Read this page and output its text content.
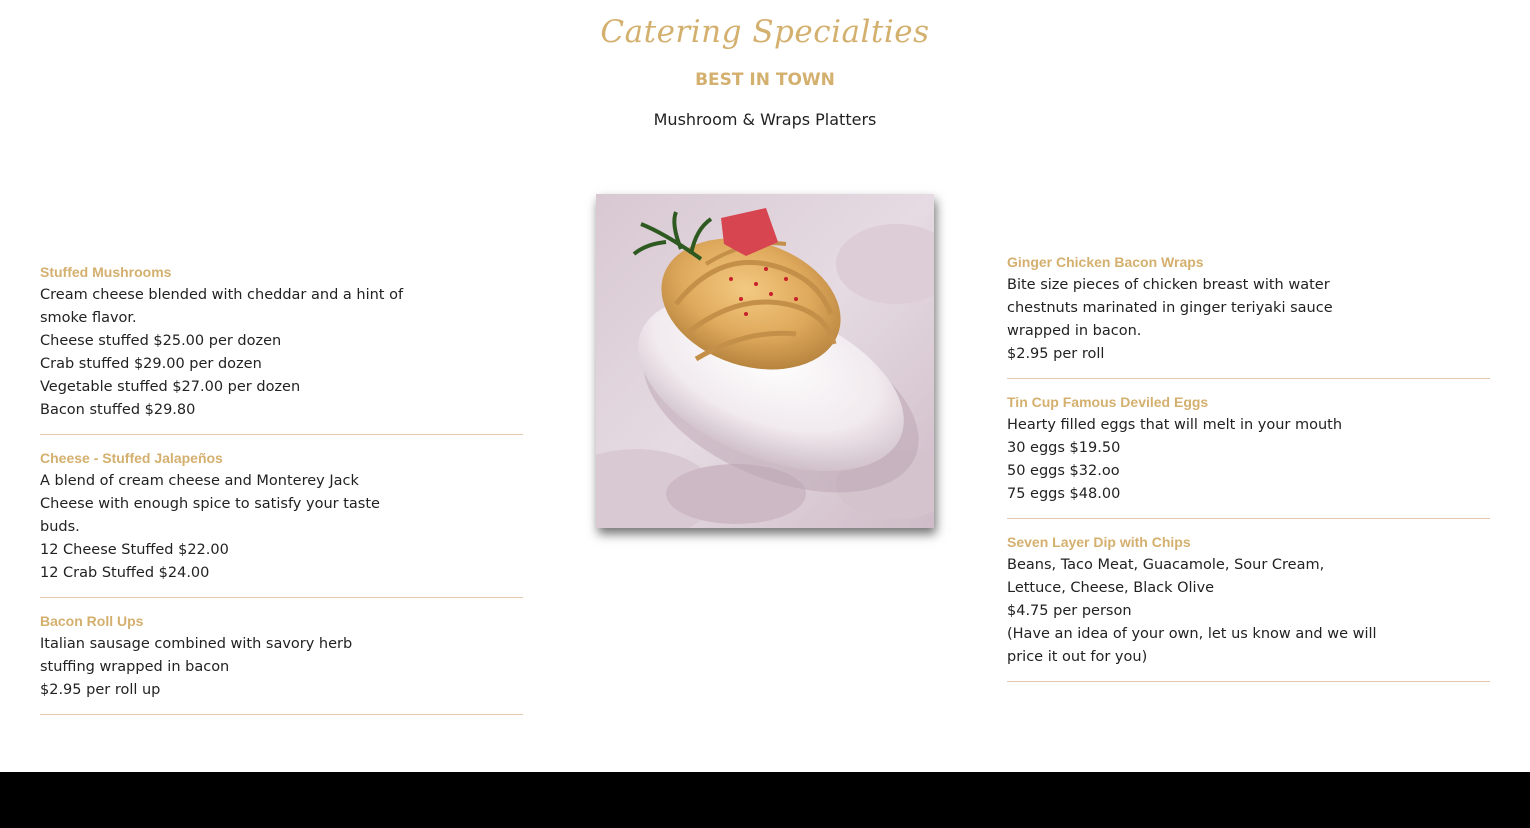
Catering Specialties
BEST IN TOWN
Mushroom & Wraps Platters
Stuffed Mushrooms
Cream cheese blended with cheddar and a hint of
smoke flavor.
Cheese stuffed $25.00 per dozen
Crab stuffed $29.00 per dozen
Vegetable stuffed $27.00 per dozen
Bacon stuffed $29.80
Cheese - Stuffed Jalapeños
A blend of cream cheese and Monterey Jack
Cheese with enough spice to satisfy your taste
buds.
12 Cheese Stuffed $22.00
12 Crab Stuffed $24.00
Bacon Roll Ups
Italian sausage combined with savory herb
stuffing wrapped in bacon
$2.95 per roll up
Ginger Chicken Bacon Wraps
Bite size pieces of chicken breast with water
chestnuts marinated in ginger teriyaki sauce
wrapped in bacon.
$2.95 per roll
Tin Cup Famous Deviled Eggs
Hearty filled eggs that will melt in your mouth
30 eggs $19.50
50 eggs $32.oo
75 eggs $48.00
Seven Layer Dip with Chips
Beans, Taco Meat, Guacamole, Sour Cream,
Lettuce, Cheese, Black Olive
$4.75 per person
(Have an idea of your own, let us know and we will
price it out for you)
